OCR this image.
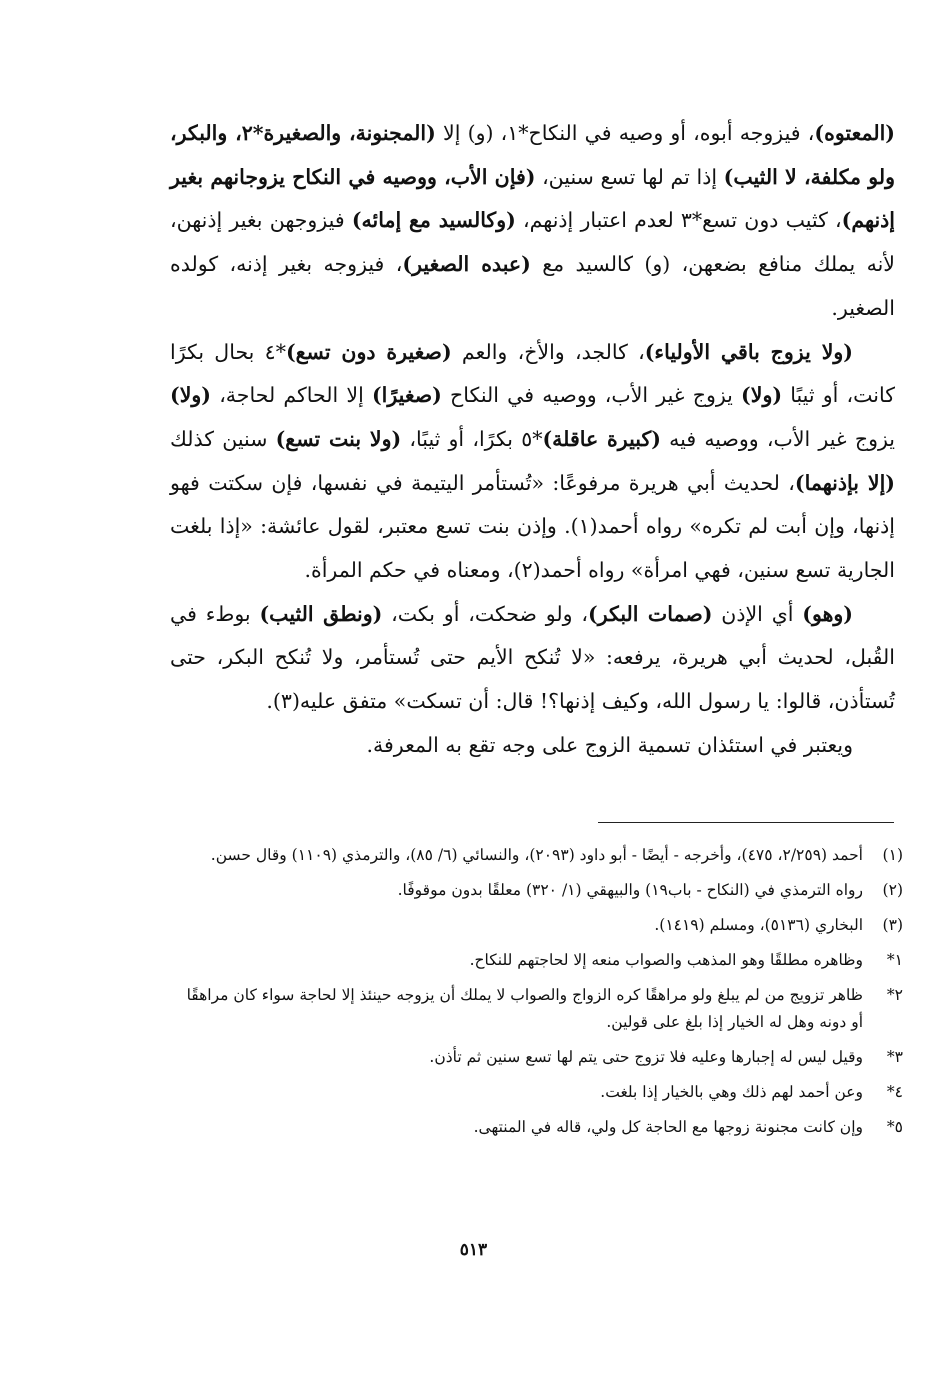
(المعتوه)، فيزوجه أبوه، أو وصيه في النكاح*١، (و) إلا (المجنونة، والصغيرة*٢، والبكر، ولو مكلفة، لا الثيب) إذا تم لها تسع سنين، (فإن الأب، ووصيه في النكاح يزوجانهم بغير إذنهم)، كثيب دون تسع*٣ لعدم اعتبار إذنهم، (وكالسيد مع إمائه) فيزوجهن بغير إذنهن، لأنه يملك منافع بضعهن، (و) كالسيد مع (عبده الصغير)، فيزوجه بغير إذنه، كولده الصغير.

(ولا يزوج باقي الأولياء)، كالجد، والأخ، والعم (صغيرة دون تسع)*٤ بحال بكرًا كانت، أو ثيبًا (ولا) يزوج غير الأب، ووصيه في النكاح (صغيرًا) إلا الحاكم لحاجة، (ولا) يزوج غير الأب، ووصيه فيه (كبيرة عاقلة)*٥ بكرًا، أو ثيبًا، (ولا بنت تسع) سنين كذلك (إلا بإذنهما)، لحديث أبي هريرة مرفوعًا: «تُستأمر اليتيمة في نفسها، فإن سكتت فهو إذنها، وإن أبت لم تكره» رواه أحمد(١). وإذن بنت تسع معتبر، لقول عائشة: «إذا بلغت الجارية تسع سنين، فهي امرأة» رواه أحمد(٢)، ومعناه في حكم المرأة.

(وهو) أي الإذن (صمات البكر)، ولو ضحكت، أو بكت، (ونطق الثيب) بوطء في القُبل، لحديث أبي هريرة، يرفعه: «لا تُنكح الأيم حتى تُستأمر، ولا تُنكح البكر، حتى تُستأذن، قالوا: يا رسول الله، وكيف إذنها؟! قال: أن تسكت» متفق عليه(٣).

ويعتبر في استئذان تسمية الزوج على وجه تقع به المعرفة.

(١)
أحمد (٢/٢٥٩، ٤٧٥)، وأخرجه - أيضًا - أبو داود (٢٠٩٣)، والنسائي (٦/ ٨٥)، والترمذي (١١٠٩) وقال حسن.
(٢)
رواه الترمذي في (النكاح - باب١٩) والبيهقي (١/ ٣٢٠) معلقًا بدون موقوفًا.
(٣)
البخاري (٥١٣٦)، ومسلم (١٤١٩).
١*
وظاهره مطلقًا وهو المذهب والصواب منعه إلا لحاجتهم للنكاح.
٢*
ظاهر تزويج من لم يبلغ ولو مراهقًا كره الزواج والصواب لا يملك أن يزوجه حينئذ إلا لحاجة سواء كان مراهقًا أو دونه وهل له الخيار إذا بلغ على قولين.
٣*
وقيل ليس له إجبارها وعليه فلا تزوج حتى يتم لها تسع سنين ثم تأذن.
٤*
وعن أحمد لهم ذلك وهي بالخيار إذا بلغت.
٥*
وإن كانت مجنونة زوجها مع الحاجة كل ولي، قاله في المنتهى.
٥١٣
